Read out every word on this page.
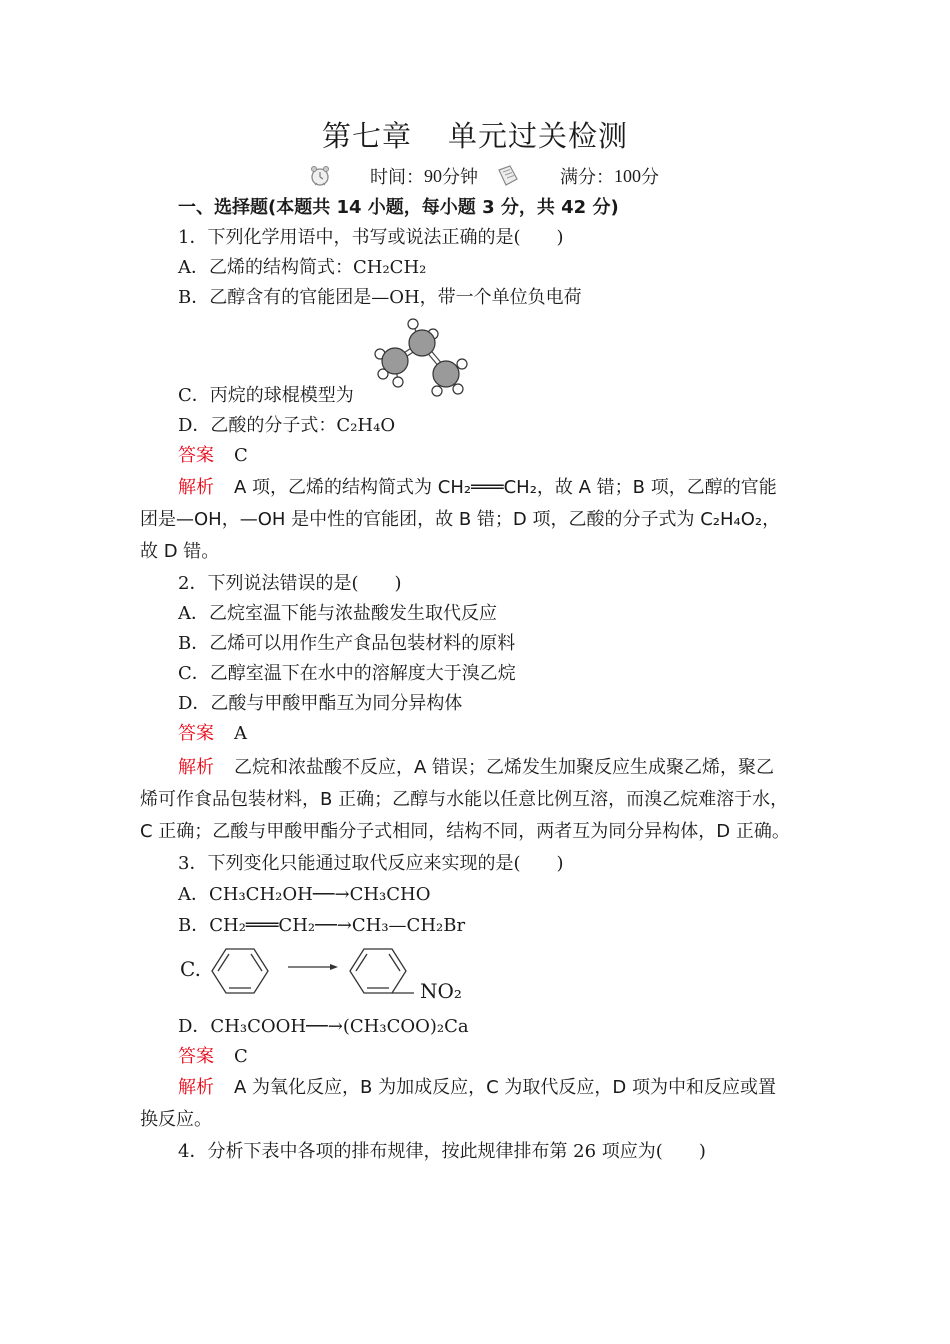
第七章 单元过关检测
时间： 90 分钟	满分： 100 分
一、选择题(本题共 14 小题，每小题 3 分，共 42 分)
1．下列化学用语中，书写或说法正确的是(　　)
A．乙烯的结构简式：CH₂CH₂
B．乙醇含有的官能团是—OH，带一个单位负电荷
C．丙烷的球棍模型为
D．乙酸的分子式：C₂H₄O
答案 C
解析 A 项，乙烯的结构简式为 CH₂═══CH₂，故 A 错；B 项，乙醇的官能
团是—OH，—OH 是中性的官能团，故 B 错；D 项，乙酸的分子式为 C₂H₄O₂，
故 D 错。
2．下列说法错误的是(　　)
A．乙烷室温下能与浓盐酸发生取代反应
B．乙烯可以用作生产食品包装材料的原料
C．乙醇室温下在水中的溶解度大于溴乙烷
D．乙酸与甲酸甲酯互为同分异构体
答案 A
解析 乙烷和浓盐酸不反应，A 错误；乙烯发生加聚反应生成聚乙烯，聚乙
烯可作食品包装材料，B 正确；乙醇与水能以任意比例互溶，而溴乙烷难溶于水，
C 正确；乙酸与甲酸甲酯分子式相同，结构不同，两者互为同分异构体，D 正确。
3．下列变化只能通过取代反应来实现的是(　　)
A．CH₃CH₂OH──→CH₃CHO
B．CH₂═══CH₂──→CH₃—CH₂Br
C.
NO₂
D．CH₃COOH──→(CH₃COO)₂Ca
答案 C
解析 A 为氧化反应，B 为加成反应，C 为取代反应，D 项为中和反应或置
换反应。
4．分析下表中各项的排布规律，按此规律排布第 26 项应为(　　)
